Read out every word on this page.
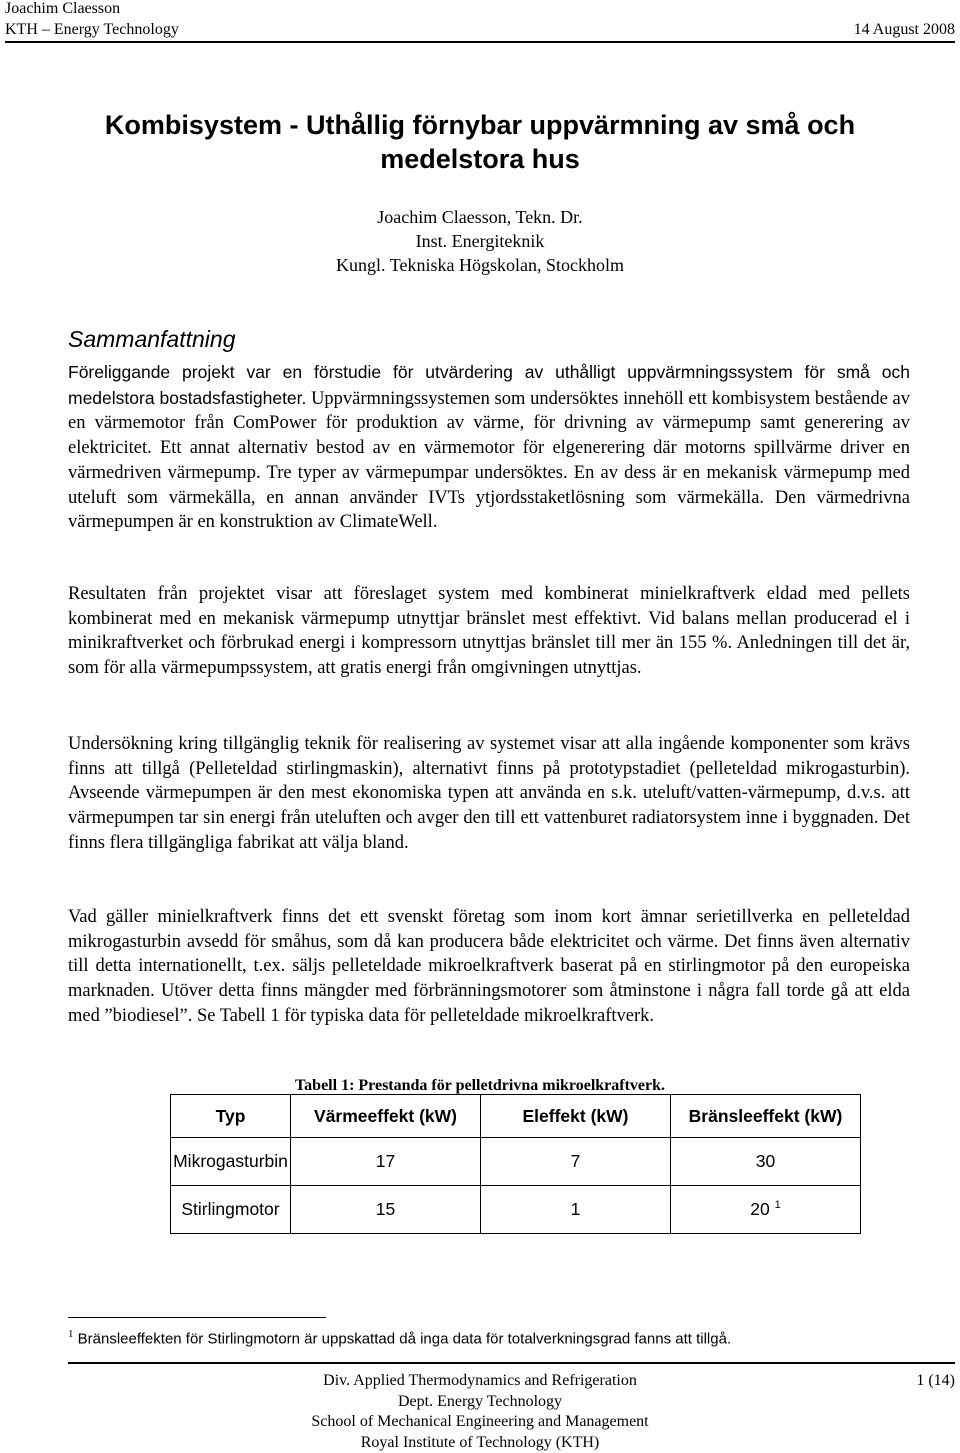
Joachim Claesson
KTH – Energy Technology	14 August 2008
Kombisystem - Uthållig förnybar uppvärmning av små och medelstora hus
Joachim Claesson, Tekn. Dr.
Inst. Energiteknik
Kungl. Tekniska Högskolan, Stockholm
Sammanfattning

Föreliggande projekt var en förstudie för utvärdering av uthålligt uppvärmningssystem för små och medelstora bostadsfastigheter. Uppvärmningssystemen som undersöktes innehöll ett kombisystem bestående av en värmemotor från ComPower för produktion av värme, för drivning av värmepump samt generering av elektricitet. Ett annat alternativ bestod av en värmemotor för elgenerering där motorns spillvärme driver en värmedriven värmepump. Tre typer av värmepumpar undersöktes. En av dess är en mekanisk värmepump med uteluft som värmekälla, en annan använder IVTs ytjordsstaketlösning som värmekälla. Den värmedrivna värmepumpen är en konstruktion av ClimateWell.

Resultaten från projektet visar att föreslaget system med kombinerat minielkraftverk eldad med pellets kombinerat med en mekanisk värmepump utnyttjar bränslet mest effektivt. Vid balans mellan producerad el i minikraftverket och förbrukad energi i kompressorn utnyttjas bränslet till mer än 155 %. Anledningen till det är, som för alla värmepumpssystem, att gratis energi från omgivningen utnyttjas.

Undersökning kring tillgänglig teknik för realisering av systemet visar att alla ingående komponenter som krävs finns att tillgå (Pelleteldad stirlingmaskin), alternativt finns på prototypstadiet (pelleteldad mikrogasturbin). Avseende värmepumpen är den mest ekonomiska typen att använda en s.k. uteluft/vatten-värmepump, d.v.s. att värmepumpen tar sin energi från uteluften och avger den till ett vattenburet radiatorsystem inne i byggnaden. Det finns flera tillgängliga fabrikat att välja bland.

Vad gäller minielkraftverk finns det ett svenskt företag som inom kort ämnar serietillverka en pelleteldad mikrogasturbin avsedd för småhus, som då kan producera både elektricitet och värme. Det finns även alternativ till detta internationellt, t.ex. säljs pelleteldade mikroelkraftverk baserat på en stirlingmotor på den europeiska marknaden. Utöver detta finns mängder med förbränningsmotorer som åtminstone i några fall torde gå att elda med ”biodiesel”. Se Tabell 1 för typiska data för pelleteldade mikroelkraftverk.

Tabell 1: Prestanda för pelletdrivna mikroelkraftverk.
Typ	Värmeeffekt (kW)	Eleffekt (kW)	Bränsleeffekt (kW)
Mikrogasturbin	17	7	30
Stirlingmotor	15	1	20 $^1$
$^1$ Bränsleeffekten för Stirlingmotorn är uppskattad då inga data för totalverkningsgrad fanns att tillgå.
Div. Applied Thermodynamics and Refrigeration
Dept. Energy Technology
School of Mechanical Engineering and Management
Royal Institute of Technology (KTH)
1 (14)
